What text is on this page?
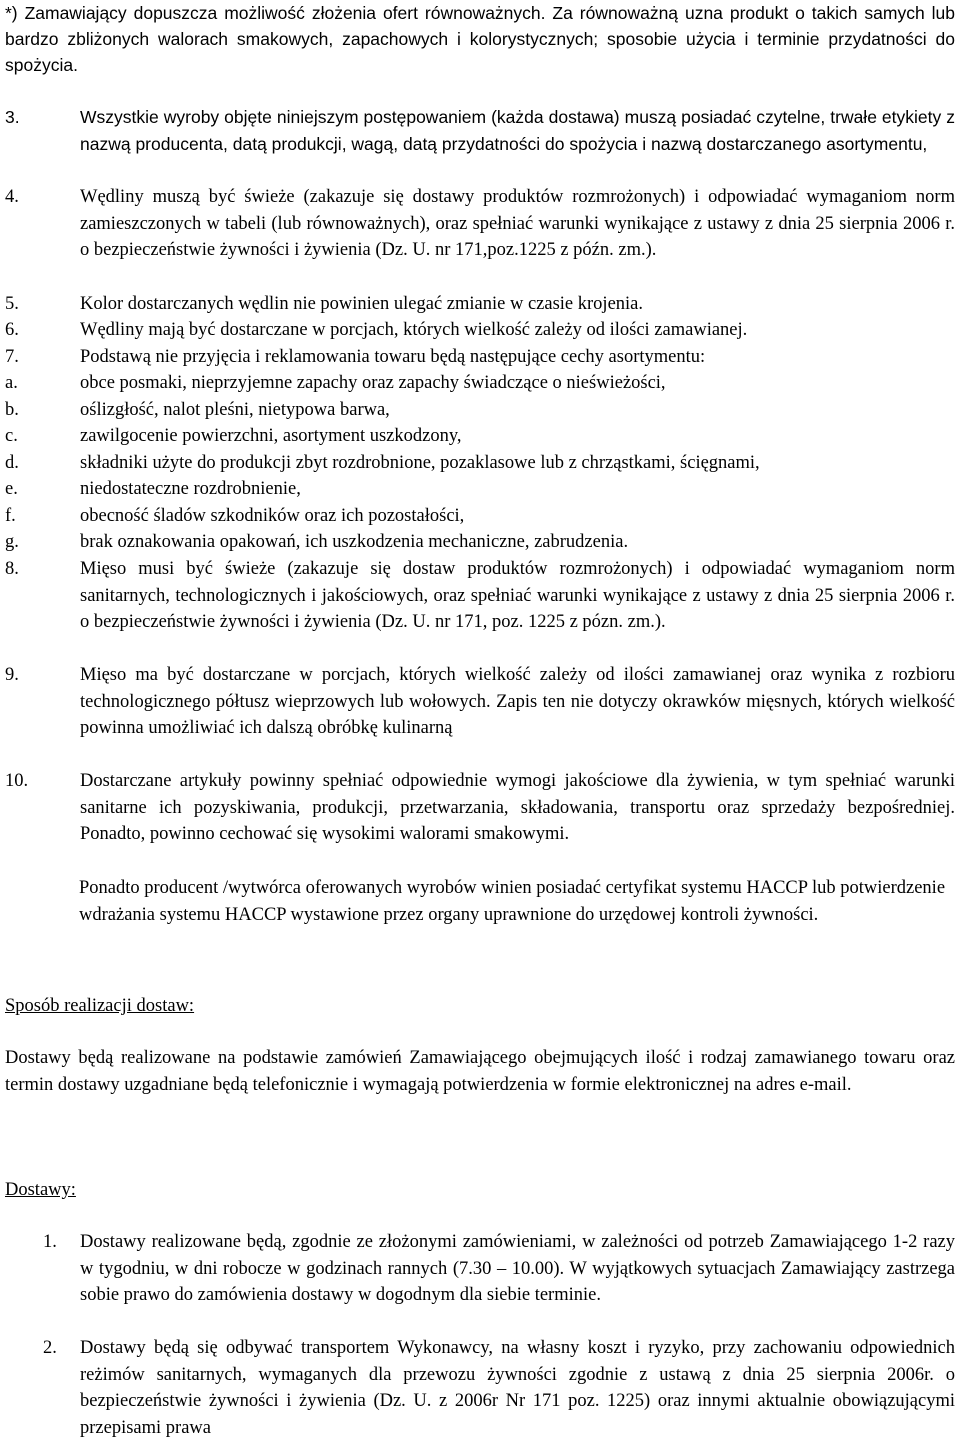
*) Zamawiający dopuszcza możliwość złożenia ofert równoważnych. Za równoważną uzna produkt o takich samych lub bardzo zbliżonych walorach smakowych, zapachowych i kolorystycznych; sposobie użycia i terminie przydatności do spożycia.

3.	Wszystkie wyroby objęte niniejszym postępowaniem (każda dostawa) muszą posiadać czytelne, trwałe etykiety z nazwą producenta, datą produkcji, wagą, datą przydatności do spożycia i nazwą dostarczanego asortymentu,
4.	Wędliny muszą być świeże (zakazuje się dostawy produktów rozmrożonych) i odpowiadać wymaganiom norm zamieszczonych w tabeli (lub równoważnych), oraz spełniać warunki wynikające z ustawy z dnia 25 sierpnia 2006 r. o bezpieczeństwie żywności i żywienia (Dz. U. nr 171,poz.1225 z późn. zm.).
5.	Kolor dostarczanych wędlin nie powinien ulegać zmianie w czasie krojenia.
6.	Wędliny mają być dostarczane w porcjach, których wielkość zależy od ilości zamawianej.
7.	Podstawą nie przyjęcia i reklamowania towaru będą następujące cechy asortymentu:
a.	obce posmaki, nieprzyjemne zapachy oraz zapachy świadczące o nieświeżości,
b.	oślizgłość, nalot pleśni, nietypowa barwa,
c.	zawilgocenie powierzchni, asortyment uszkodzony,
d.	składniki użyte do produkcji zbyt rozdrobnione, pozaklasowe lub z chrząstkami, ścięgnami,
e.	niedostateczne rozdrobnienie,
f.	obecność śladów szkodników oraz ich pozostałości,
g.	brak oznakowania opakowań, ich uszkodzenia mechaniczne, zabrudzenia.
8.	Mięso musi być świeże (zakazuje się dostaw produktów rozmrożonych) i odpowiadać wymaganiom norm sanitarnych, technologicznych i jakościowych, oraz spełniać warunki wynikające z ustawy z dnia 25 sierpnia 2006 r. o bezpieczeństwie żywności i żywienia (Dz. U. nr 171, poz. 1225 z pózn. zm.).
9.	Mięso ma być dostarczane w porcjach, których wielkość zależy od ilości zamawianej oraz wynika z rozbioru technologicznego półtusz wieprzowych lub wołowych. Zapis ten nie dotyczy okrawków mięsnych, których wielkość powinna umożliwiać ich dalszą obróbkę kulinarną
10.	Dostarczane artykuły powinny spełniać odpowiednie wymogi jakościowe dla żywienia, w tym spełniać warunki sanitarne ich pozyskiwania, produkcji, przetwarzania, składowania, transportu oraz sprzedaży bezpośredniej. Ponadto, powinno cechować się wysokimi walorami smakowymi.
Ponadto producent /wytwórca oferowanych wyrobów winien posiadać certyfikat systemu HACCP lub potwierdzenie wdrażania systemu HACCP wystawione przez organy uprawnione do urzędowej kontroli żywności.
Sposób realizacji dostaw:

Dostawy będą realizowane na podstawie zamówień Zamawiającego obejmujących ilość i rodzaj zamawianego towaru oraz termin dostawy uzgadniane będą telefonicznie i wymagają potwierdzenia w formie elektronicznej na adres e-mail.

Dostawy:
1.	Dostawy realizowane będą, zgodnie ze złożonymi zamówieniami, w zależności od potrzeb Zamawiającego 1-2 razy w tygodniu, w dni robocze w godzinach rannych (7.30 – 10.00). W wyjątkowych sytuacjach Zamawiający zastrzega sobie prawo do zamówienia dostawy w dogodnym dla siebie terminie.
2.	Dostawy będą się odbywać transportem Wykonawcy, na własny koszt i ryzyko, przy zachowaniu odpowiednich reżimów sanitarnych, wymaganych dla przewozu żywności zgodnie z ustawą z dnia 25 sierpnia 2006r. o bezpieczeństwie żywności i żywienia (Dz. U. z 2006r Nr 171 poz. 1225) oraz innymi aktualnie obowiązującymi przepisami prawa
